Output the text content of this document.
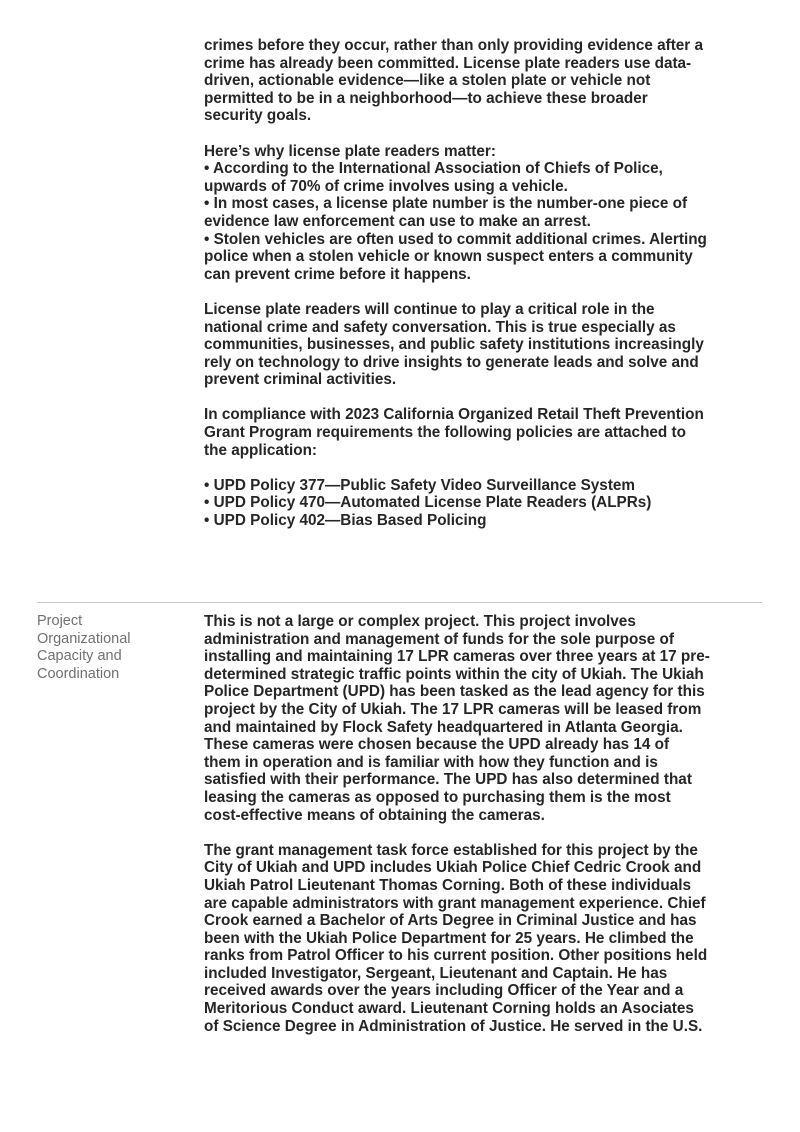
crimes before they occur, rather than only providing evidence after a
crime has already been committed. License plate readers use data-
driven, actionable evidence—like a stolen plate or vehicle not
permitted to be in a neighborhood—to achieve these broader
security goals.
Here’s why license plate readers matter:
• According to the International Association of Chiefs of Police,
upwards of 70% of crime involves using a vehicle.
• In most cases, a license plate number is the number-one piece of
evidence law enforcement can use to make an arrest.
• Stolen vehicles are often used to commit additional crimes. Alerting
police when a stolen vehicle or known suspect enters a community
can prevent crime before it happens.
License plate readers will continue to play a critical role in the
national crime and safety conversation. This is true especially as
communities, businesses, and public safety institutions increasingly
rely on technology to drive insights to generate leads and solve and
prevent criminal activities.
In compliance with 2023 California Organized Retail Theft Prevention
Grant Program requirements the following policies are attached to
the application:
• UPD Policy 377—Public Safety Video Surveillance System
• UPD Policy 470—Automated License Plate Readers (ALPRs)
• UPD Policy 402—Bias Based Policing
Project
Organizational
Capacity and
Coordination
This is not a large or complex project. This project involves
administration and management of funds for the sole purpose of
installing and maintaining 17 LPR cameras over three years at 17 pre-
determined strategic traffic points within the city of Ukiah. The Ukiah
Police Department (UPD) has been tasked as the lead agency for this
project by the City of Ukiah. The 17 LPR cameras will be leased from
and maintained by Flock Safety headquartered in Atlanta Georgia.
These cameras were chosen because the UPD already has 14 of
them in operation and is familiar with how they function and is
satisfied with their performance. The UPD has also determined that
leasing the cameras as opposed to purchasing them is the most
cost-effective means of obtaining the cameras.
The grant management task force established for this project by the
City of Ukiah and UPD includes Ukiah Police Chief Cedric Crook and
Ukiah Patrol Lieutenant Thomas Corning. Both of these individuals
are capable administrators with grant management experience. Chief
Crook earned a Bachelor of Arts Degree in Criminal Justice and has
been with the Ukiah Police Department for 25 years. He climbed the
ranks from Patrol Officer to his current position. Other positions held
included Investigator, Sergeant, Lieutenant and Captain. He has
received awards over the years including Officer of the Year and a
Meritorious Conduct award. Lieutenant Corning holds an Asociates
of Science Degree in Administration of Justice. He served in the U.S.
